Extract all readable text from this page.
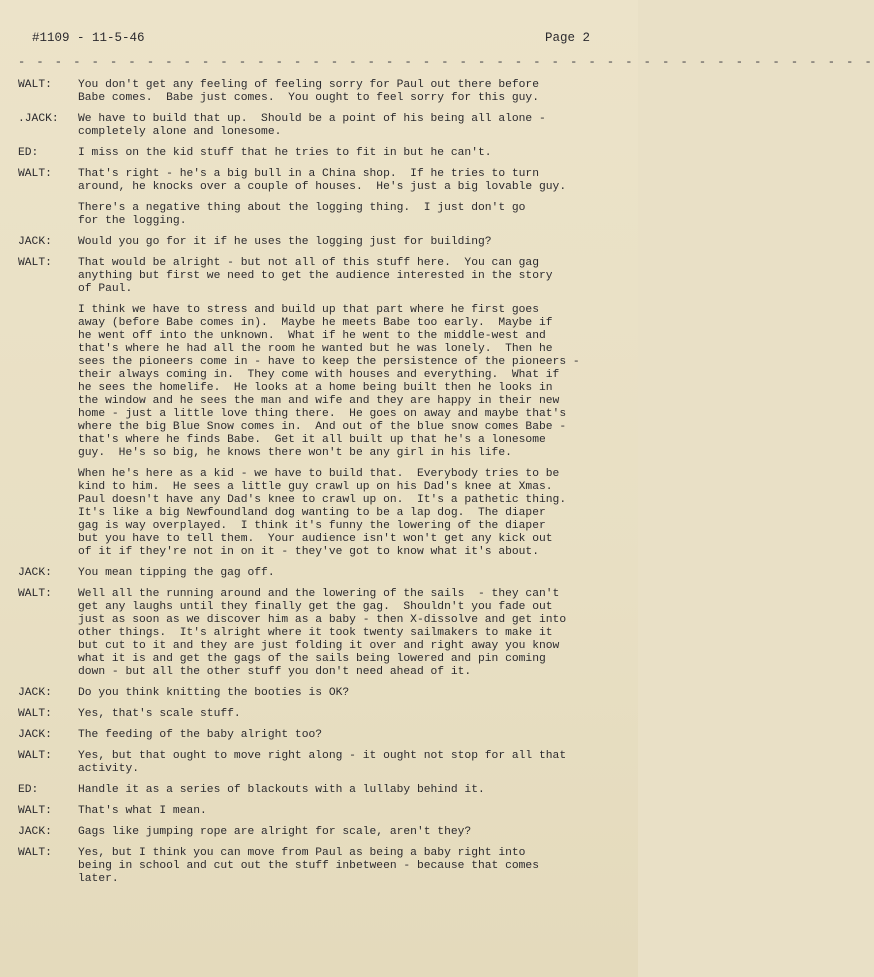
#1109 - 11-5-46	Page 2
- - - - - - - - - - - - - - - - - - - - - - - - - - - - - - - - - - - - - - - - - - - - - - -
WALT:	You don't get any feeling of feeling sorry for Paul out there before
Babe comes.  Babe just comes.  You ought to feel sorry for this guy.

.JACK:	We have to build that up.  Should be a point of his being all alone -
completely alone and lonesome.

ED:	I miss on the kid stuff that he tries to fit in but he can't.

WALT:	That's right - he's a big bull in a China shop.  If he tries to turn
around, he knocks over a couple of houses.  He's just a big lovable guy.

There's a negative thing about the logging thing.  I just don't go
for the logging.

JACK:	Would you go for it if he uses the logging just for building?

WALT:	That would be alright - but not all of this stuff here.  You can gag
anything but first we need to get the audience interested in the story
of Paul.

I think we have to stress and build up that part where he first goes
away (before Babe comes in).  Maybe he meets Babe too early.  Maybe if
he went off into the unknown.  What if he went to the middle-west and
that's where he had all the room he wanted but he was lonely.  Then he
sees the pioneers come in - have to keep the persistence of the pioneers -
their always coming in.  They come with houses and everything.  What if
he sees the homelife.  He looks at a home being built then he looks in
the window and he sees the man and wife and they are happy in their new
home - just a little love thing there.  He goes on away and maybe that's
where the big Blue Snow comes in.  And out of the blue snow comes Babe -
that's where he finds Babe.  Get it all built up that he's a lonesome
guy.  He's so big, he knows there won't be any girl in his life.

When he's here as a kid - we have to build that.  Everybody tries to be
kind to him.  He sees a little guy crawl up on his Dad's knee at Xmas.
Paul doesn't have any Dad's knee to crawl up on.  It's a pathetic thing.
It's like a big Newfoundland dog wanting to be a lap dog.  The diaper
gag is way overplayed.  I think it's funny the lowering of the diaper
but you have to tell them.  Your audience isn't won't get any kick out
of it if they're not in on it - they've got to know what it's about.

JACK:	You mean tipping the gag off.

WALT:	Well all the running around and the lowering of the sails  - they can't
get any laughs until they finally get the gag.  Shouldn't you fade out
just as soon as we discover him as a baby - then X-dissolve and get into
other things.  It's alright where it took twenty sailmakers to make it
but cut to it and they are just folding it over and right away you know
what it is and get the gags of the sails being lowered and pin coming
down - but all the other stuff you don't need ahead of it.

JACK:	Do you think knitting the booties is OK?

WALT:	Yes, that's scale stuff.

JACK:	The feeding of the baby alright too?

WALT:	Yes, but that ought to move right along - it ought not stop for all that
activity.

ED:	Handle it as a series of blackouts with a lullaby behind it.

WALT:	That's what I mean.

JACK:	Gags like jumping rope are alright for scale, aren't they?

WALT:	Yes, but I think you can move from Paul as being a baby right into
being in school and cut out the stuff inbetween - because that comes
later.
